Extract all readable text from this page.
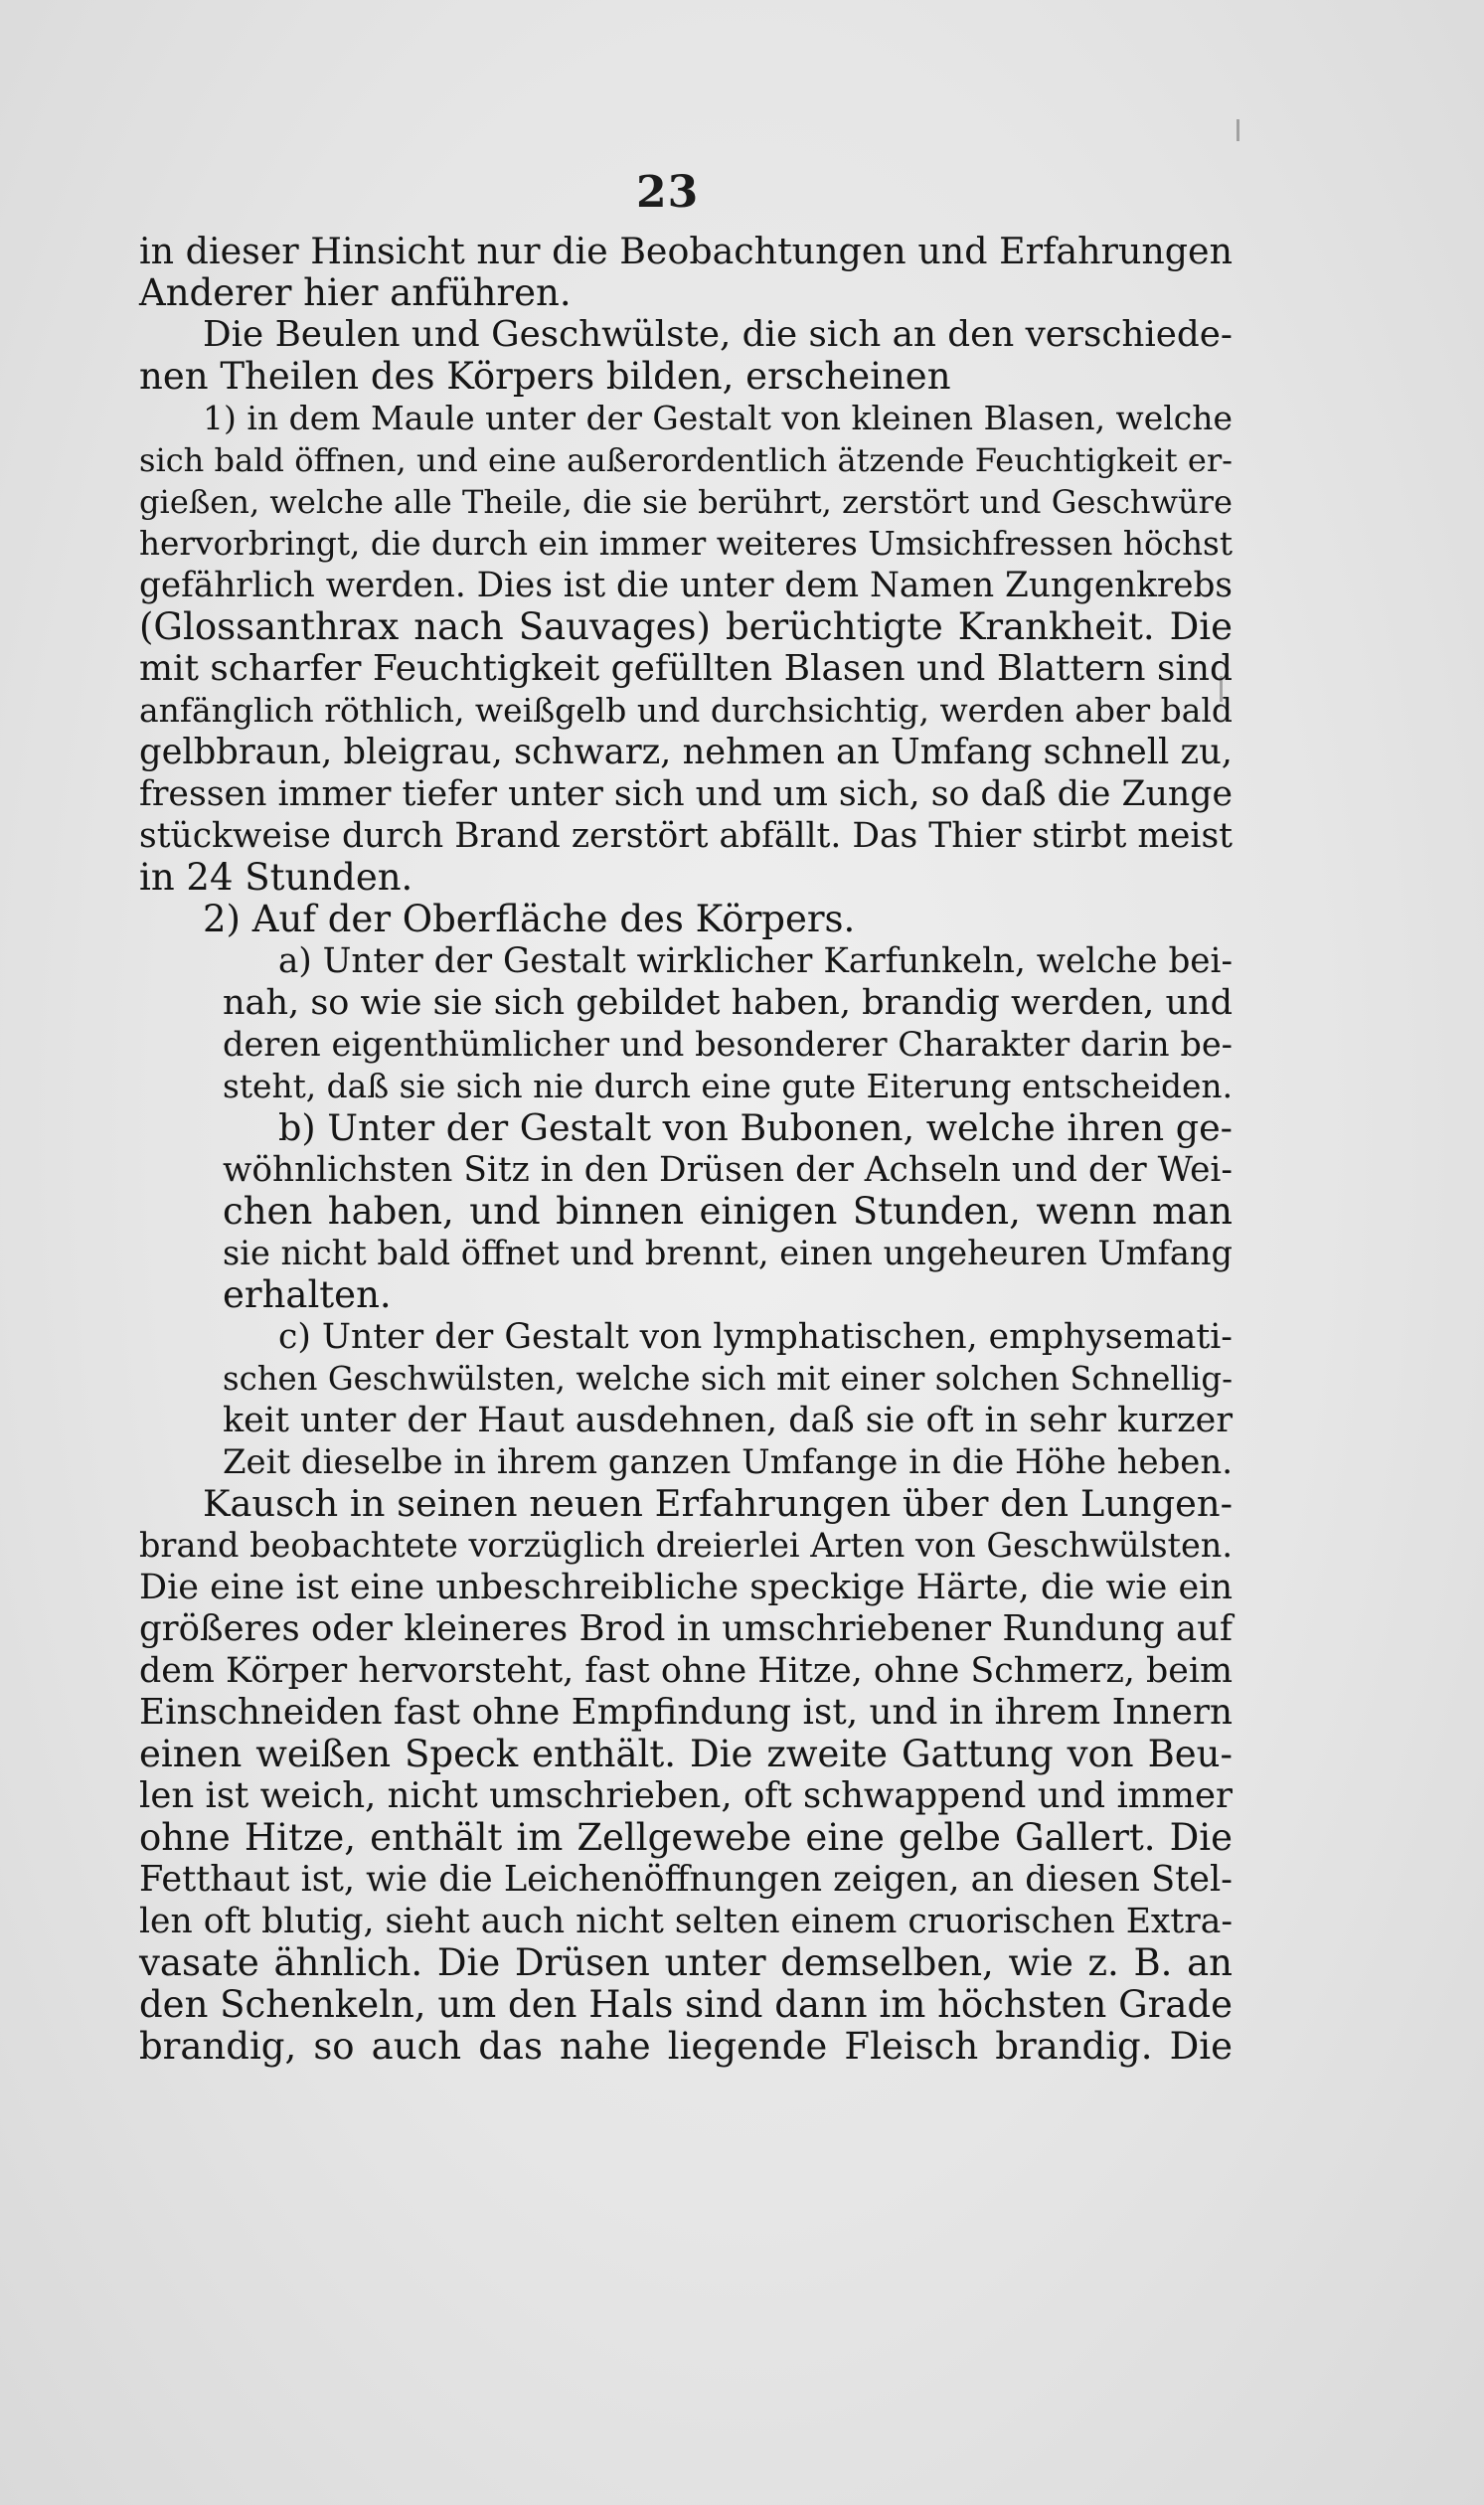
23
in dieser Hinsicht nur die Beobachtungen und Erfahrungen
Anderer hier anführen.
Die Beulen und Geschwülste, die sich an den verschiede-
nen Theilen des Körpers bilden, erscheinen
1) in dem Maule unter der Gestalt von kleinen Blasen, welche
sich bald öffnen, und eine außerordentlich ätzende Feuchtigkeit er-
gießen, welche alle Theile, die sie berührt, zerstört und Geschwüre
hervorbringt, die durch ein immer weiteres Umsichfressen höchst
gefährlich werden. Dies ist die unter dem Namen Zungenkrebs
(Glossanthrax nach Sauvages) berüchtigte Krankheit. Die
mit scharfer Feuchtigkeit gefüllten Blasen und Blattern sind
anfänglich röthlich, weißgelb und durchsichtig, werden aber bald
gelbbraun, bleigrau, schwarz, nehmen an Umfang schnell zu,
fressen immer tiefer unter sich und um sich, so daß die Zunge
stückweise durch Brand zerstört abfällt. Das Thier stirbt meist
in 24 Stunden.
2) Auf der Oberfläche des Körpers.
a) Unter der Gestalt wirklicher Karfunkeln, welche bei-
nah, so wie sie sich gebildet haben, brandig werden, und
deren eigenthümlicher und besonderer Charakter darin be-
steht, daß sie sich nie durch eine gute Eiterung entscheiden.
b) Unter der Gestalt von Bubonen, welche ihren ge-
wöhnlichsten Sitz in den Drüsen der Achseln und der Wei-
chen haben, und binnen einigen Stunden, wenn man
sie nicht bald öffnet und brennt, einen ungeheuren Umfang
erhalten.
c) Unter der Gestalt von lymphatischen, emphysemati-
schen Geschwülsten, welche sich mit einer solchen Schnellig-
keit unter der Haut ausdehnen, daß sie oft in sehr kurzer
Zeit dieselbe in ihrem ganzen Umfange in die Höhe heben.
Kausch in seinen neuen Erfahrungen über den Lungen-
brand beobachtete vorzüglich dreierlei Arten von Geschwülsten.
Die eine ist eine unbeschreibliche speckige Härte, die wie ein
größeres oder kleineres Brod in umschriebener Rundung auf
dem Körper hervorsteht, fast ohne Hitze, ohne Schmerz, beim
Einschneiden fast ohne Empfindung ist, und in ihrem Innern
einen weißen Speck enthält. Die zweite Gattung von Beu-
len ist weich, nicht umschrieben, oft schwappend und immer
ohne Hitze, enthält im Zellgewebe eine gelbe Gallert. Die
Fetthaut ist, wie die Leichenöffnungen zeigen, an diesen Stel-
len oft blutig, sieht auch nicht selten einem cruorischen Extra-
vasate ähnlich. Die Drüsen unter demselben, wie z. B. an
den Schenkeln, um den Hals sind dann im höchsten Grade
brandig, so auch das nahe liegende Fleisch brandig. Die
